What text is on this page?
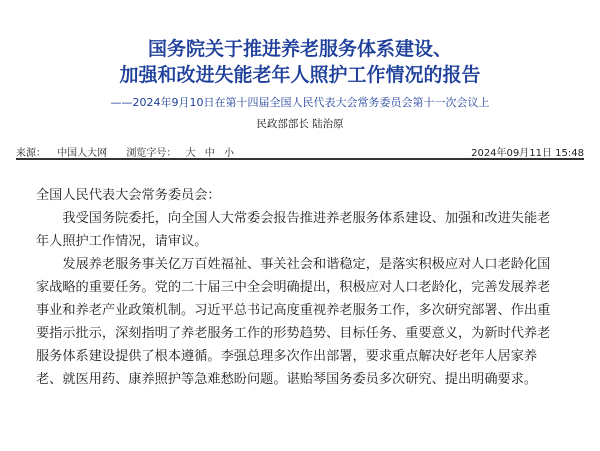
国务院关于推进养老服务体系建设、
加强和改进失能老年人照护工作情况的报告
——2024年9月10日在第十四届全国人民代表大会常务委员会第十一次会议上
民政部部长 陆治原
来源： 中国人大网 浏览字号： 大 中 小	2024年09月11日 15:48

全国人民代表大会常务委员会：

我受国务院委托，向全国人大常委会报告推进养老服务体系建设、加强和改进失能老年人照护工作情况，请审议。

发展养老服务事关亿万百姓福祉、事关社会和谐稳定，是落实积极应对人口老龄化国家战略的重要任务。党的二十届三中全会明确提出，积极应对人口老龄化，完善发展养老事业和养老产业政策机制。习近平总书记高度重视养老服务工作，多次研究部署、作出重要指示批示，深刻指明了养老服务工作的形势趋势、目标任务、重要意义，为新时代养老服务体系建设提供了根本遵循。李强总理多次作出部署，要求重点解决好老年人居家养老、就医用药、康养照护等急难愁盼问题。谌贻琴国务委员多次研究、提出明确要求。
